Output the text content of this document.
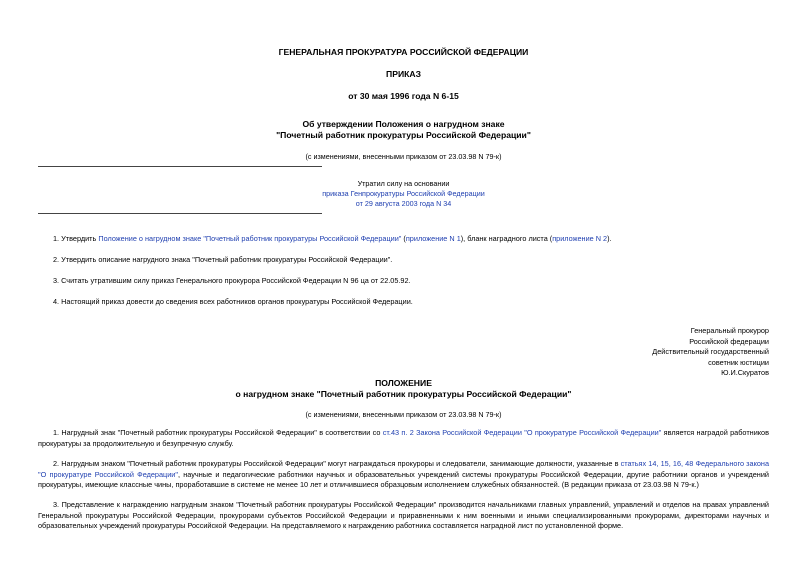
ГЕНЕРАЛЬНАЯ ПРОКУРАТУРА РОССИЙСКОЙ ФЕДЕРАЦИИ
ПРИКАЗ
от 30 мая 1996 года N 6-15
Об утверждении Положения о нагрудном знаке
"Почетный работник прокуратуры Российской Федерации"
(с изменениями, внесенными приказом от 23.03.98 N 79-к)
Утратил силу на основании
приказа Генпрокуратуры Российской Федерации
от 29 августа 2003 года N 34
1. Утвердить Положение о нагрудном знаке "Почетный работник прокуратуры Российской Федерации" (приложение N 1), бланк наградного листа (приложение N 2).
2. Утвердить описание нагрудного знака "Почетный работник прокуратуры Российской Федерации".
3. Считать утратившим силу приказ Генерального прокурора Российской Федерации N 96 ца от 22.05.92.
4. Настоящий приказ довести до сведения всех работников органов прокуратуры Российской Федерации.
Генеральный прокурор
Российской федерации
Действительный государственный
советник юстиции
Ю.И.Скуратов
ПОЛОЖЕНИЕ
о нагрудном знаке "Почетный работник прокуратуры Российской Федерации"
(с изменениями, внесенными приказом от 23.03.98 N 79-к)
1. Нагрудный знак "Почетный работник прокуратуры Российской Федерации" в соответствии со ст.43 п. 2 Закона Российской Федерации "О прокуратуре Российской Федерации" является наградой работников прокуратуры за продолжительную и безупречную службу.
2. Нагрудным знаком "Почетный работник прокуратуры Российской Федерации" могут награждаться прокуроры и следователи, занимающие должности, указанные в статьях 14, 15, 16, 48 Федерального закона "О прокуратуре Российской Федерации", научные и педагогические работники научных и образовательных учреждений системы прокуратуры Российской Федерации, другие работники органов и учреждений прокуратуры, имеющие классные чины, проработавшие в системе не менее 10 лет и отличившиеся образцовым исполнением служебных обязанностей. (В редакции приказа от 23.03.98 N 79-к.)
3. Представление к награждению нагрудным знаком "Почетный работник прокуратуры Российской Федерации" производится начальниками главных управлений, управлений и отделов на правах управлений Генеральной прокуратуры Российской Федерации, прокурорами субъектов Российской Федерации и приравненными к ним военными и иными специализированными прокурорами, директорами научных и образовательных учреждений прокуратуры Российской Федерации. На представляемого к награждению работника составляется наградной лист по установленной форме.
